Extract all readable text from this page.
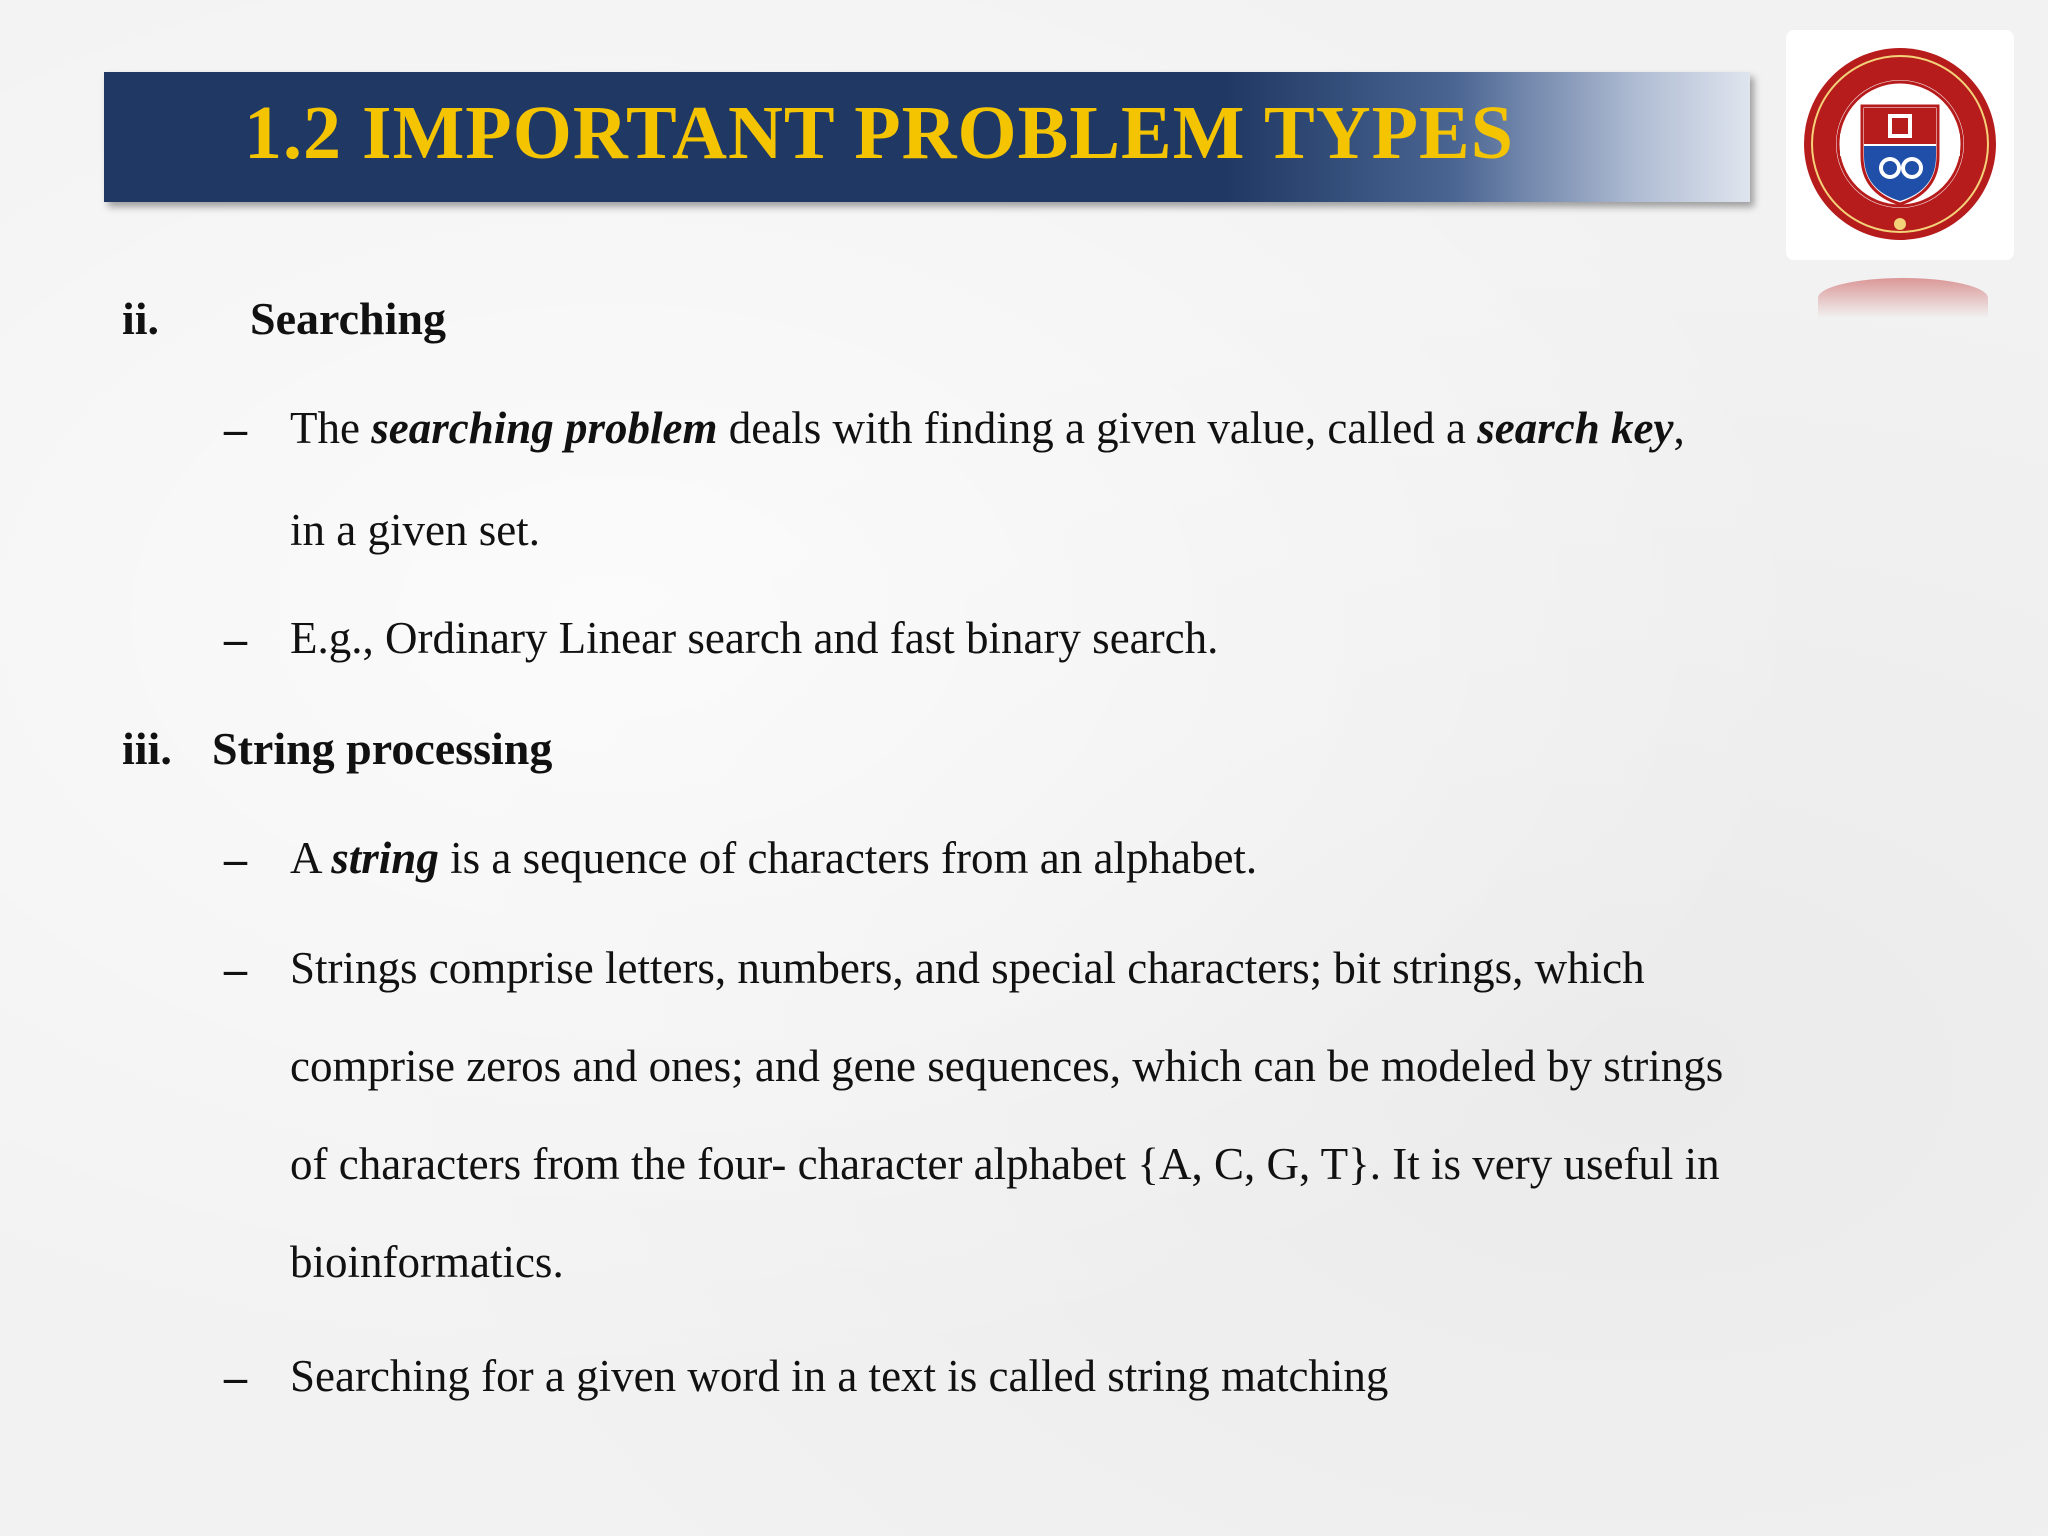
1.2 IMPORTANT PROBLEM TYPES
ii. Searching
– The searching problem deals with finding a given value, called a search key,
in a given set.
– E.g., Ordinary Linear search and fast binary search.
iii. String processing
– A string is a sequence of characters from an alphabet.
– Strings comprise letters, numbers, and special characters; bit strings, which
comprise zeros and ones; and gene sequences, which can be modeled by strings
of characters from the four- character alphabet {A, C, G, T}. It is very useful in
bioinformatics.
– Searching for a given word in a text is called string matching
